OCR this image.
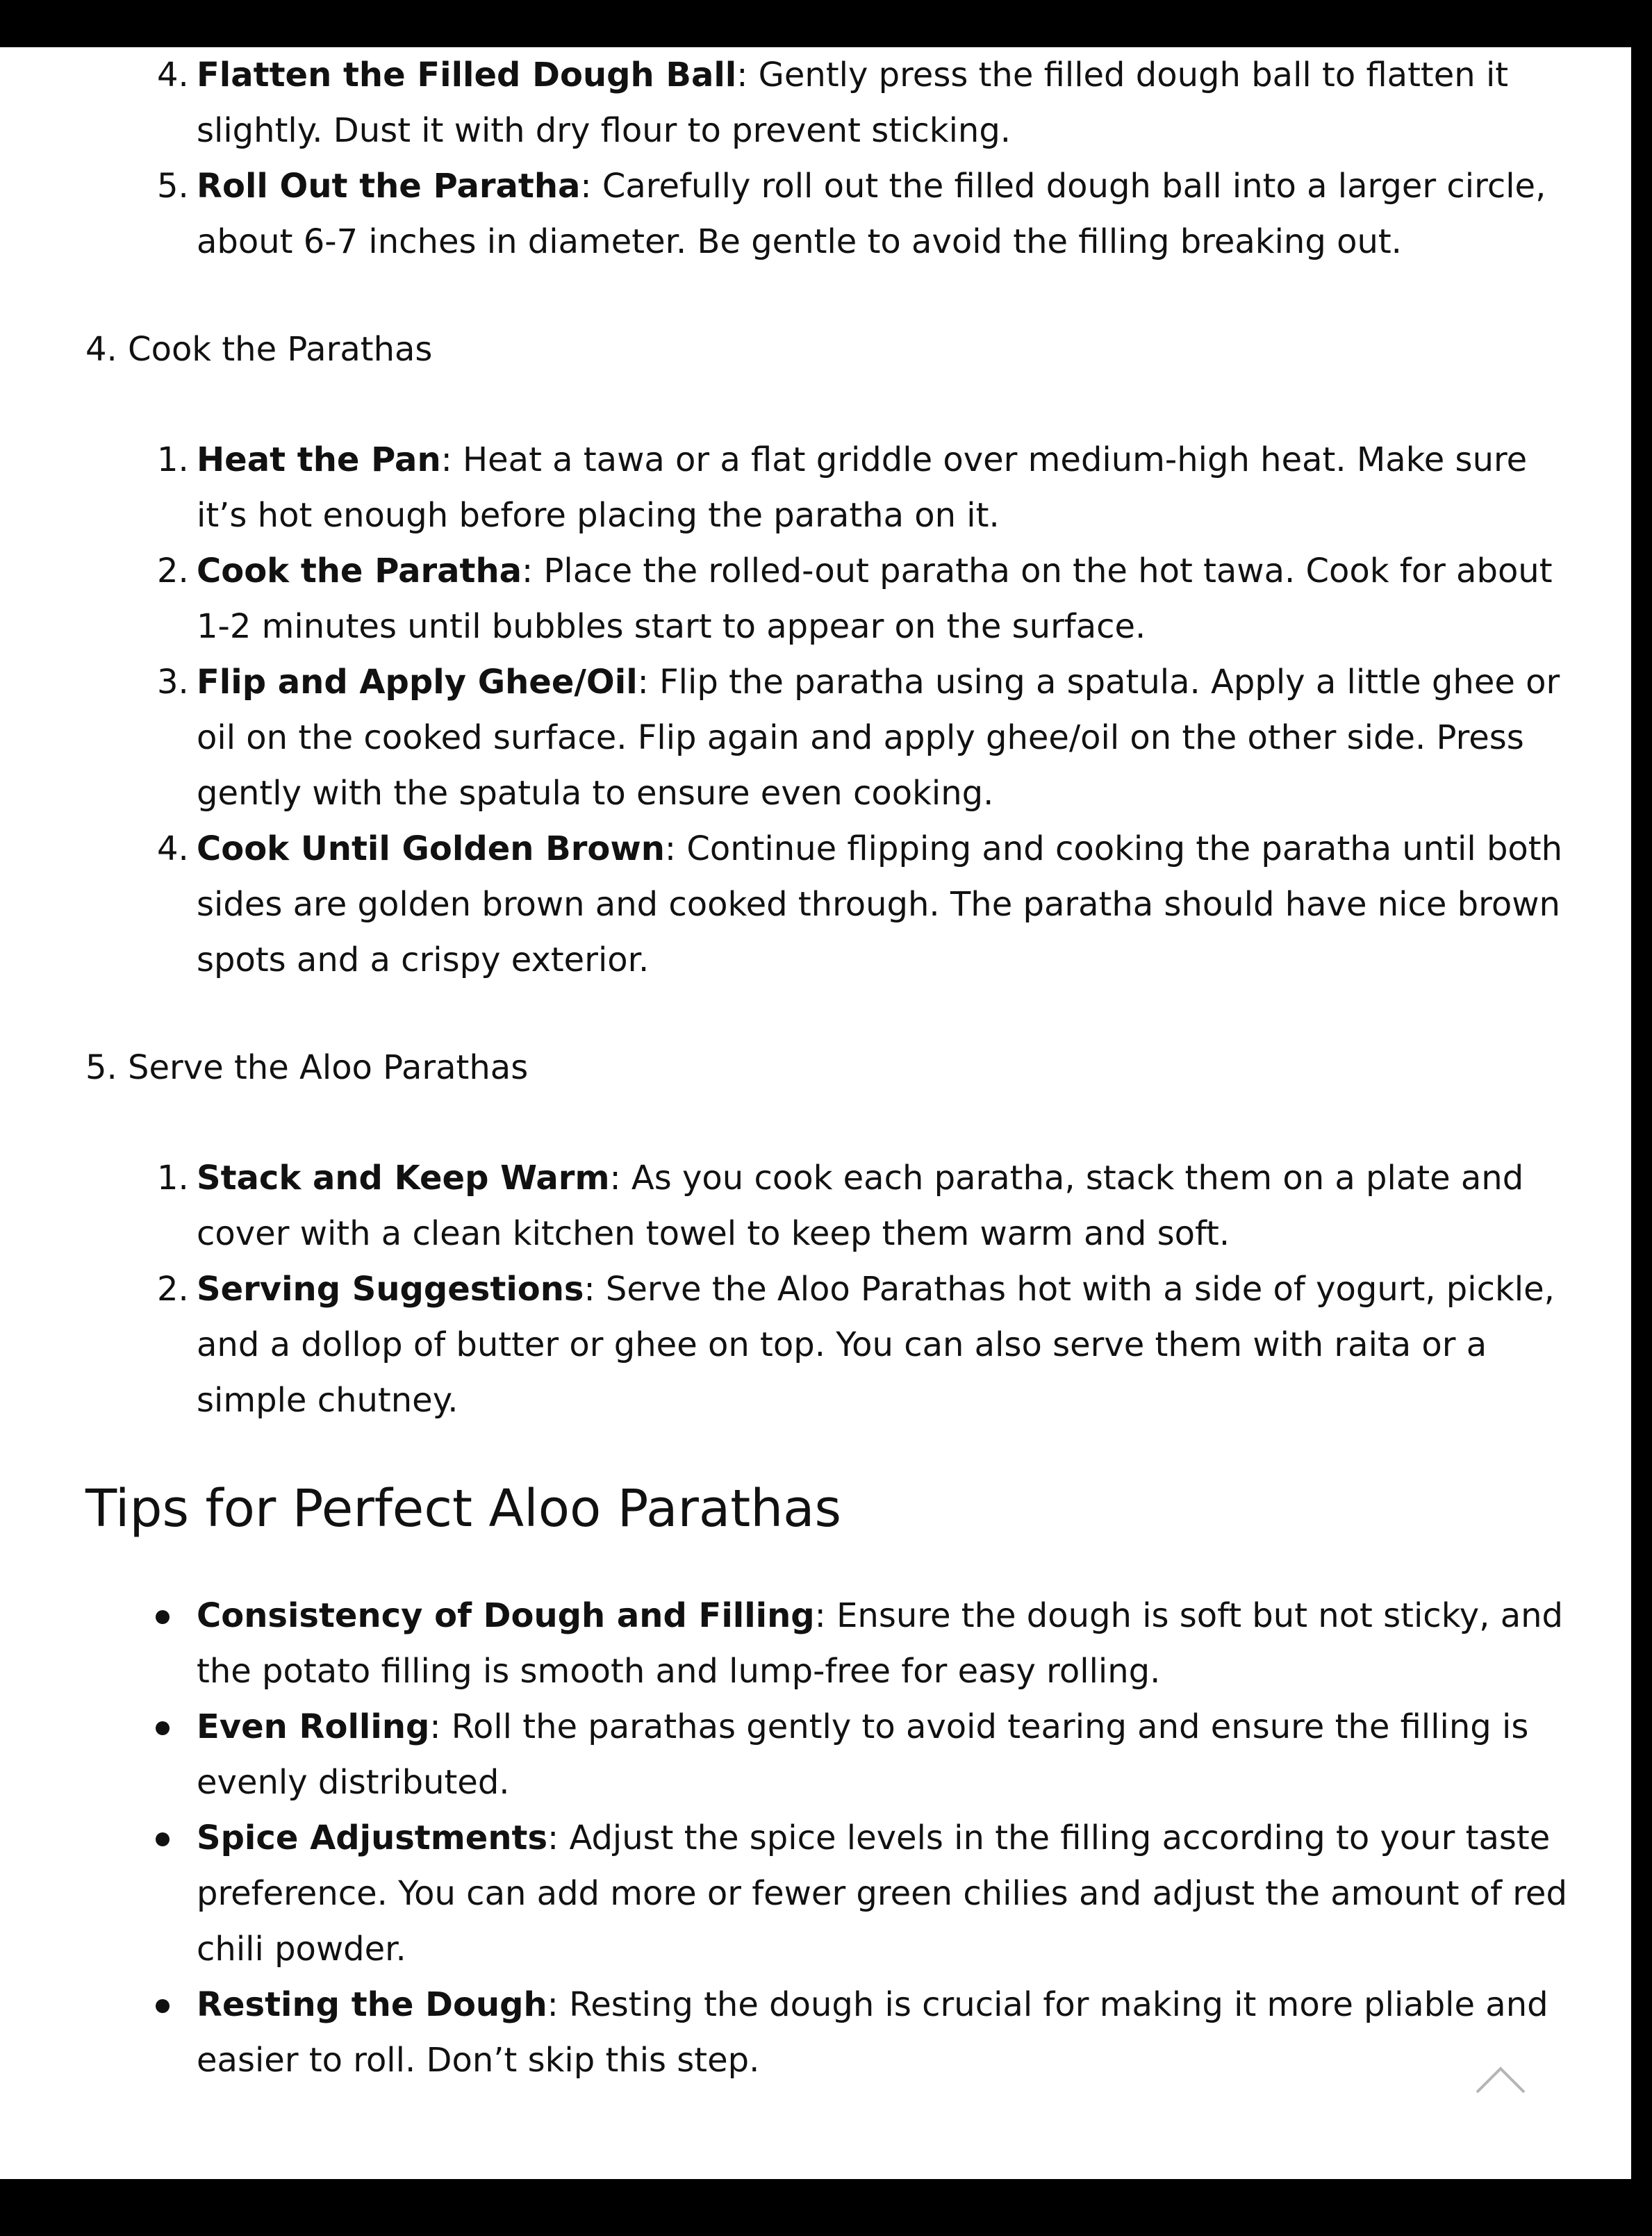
4. Flatten the Filled Dough Ball: Gently press the filled dough ball to flatten it slightly. Dust it with dry flour to prevent sticking.
5. Roll Out the Paratha: Carefully roll out the filled dough ball into a larger circle, about 6-7 inches in diameter. Be gentle to avoid the filling breaking out.
4. Cook the Parathas
1. Heat the Pan: Heat a tawa or a flat griddle over medium-high heat. Make sure it’s hot enough before placing the paratha on it.
2. Cook the Paratha: Place the rolled-out paratha on the hot tawa. Cook for about 1-2 minutes until bubbles start to appear on the surface.
3. Flip and Apply Ghee/Oil: Flip the paratha using a spatula. Apply a little ghee or oil on the cooked surface. Flip again and apply ghee/oil on the other side. Press gently with the spatula to ensure even cooking.
4. Cook Until Golden Brown: Continue flipping and cooking the paratha until both sides are golden brown and cooked through. The paratha should have nice brown spots and a crispy exterior.
5. Serve the Aloo Parathas
1. Stack and Keep Warm: As you cook each paratha, stack them on a plate and cover with a clean kitchen towel to keep them warm and soft.
2. Serving Suggestions: Serve the Aloo Parathas hot with a side of yogurt, pickle, and a dollop of butter or ghee on top. You can also serve them with raita or a simple chutney.
Tips for Perfect Aloo Parathas
Consistency of Dough and Filling: Ensure the dough is soft but not sticky, and the potato filling is smooth and lump-free for easy rolling.
Even Rolling: Roll the parathas gently to avoid tearing and ensure the filling is evenly distributed.
Spice Adjustments: Adjust the spice levels in the filling according to your taste preference. You can add more or fewer green chilies and adjust the amount of red chili powder.
Resting the Dough: Resting the dough is crucial for making it more pliable and easier to roll. Don’t skip this step.
